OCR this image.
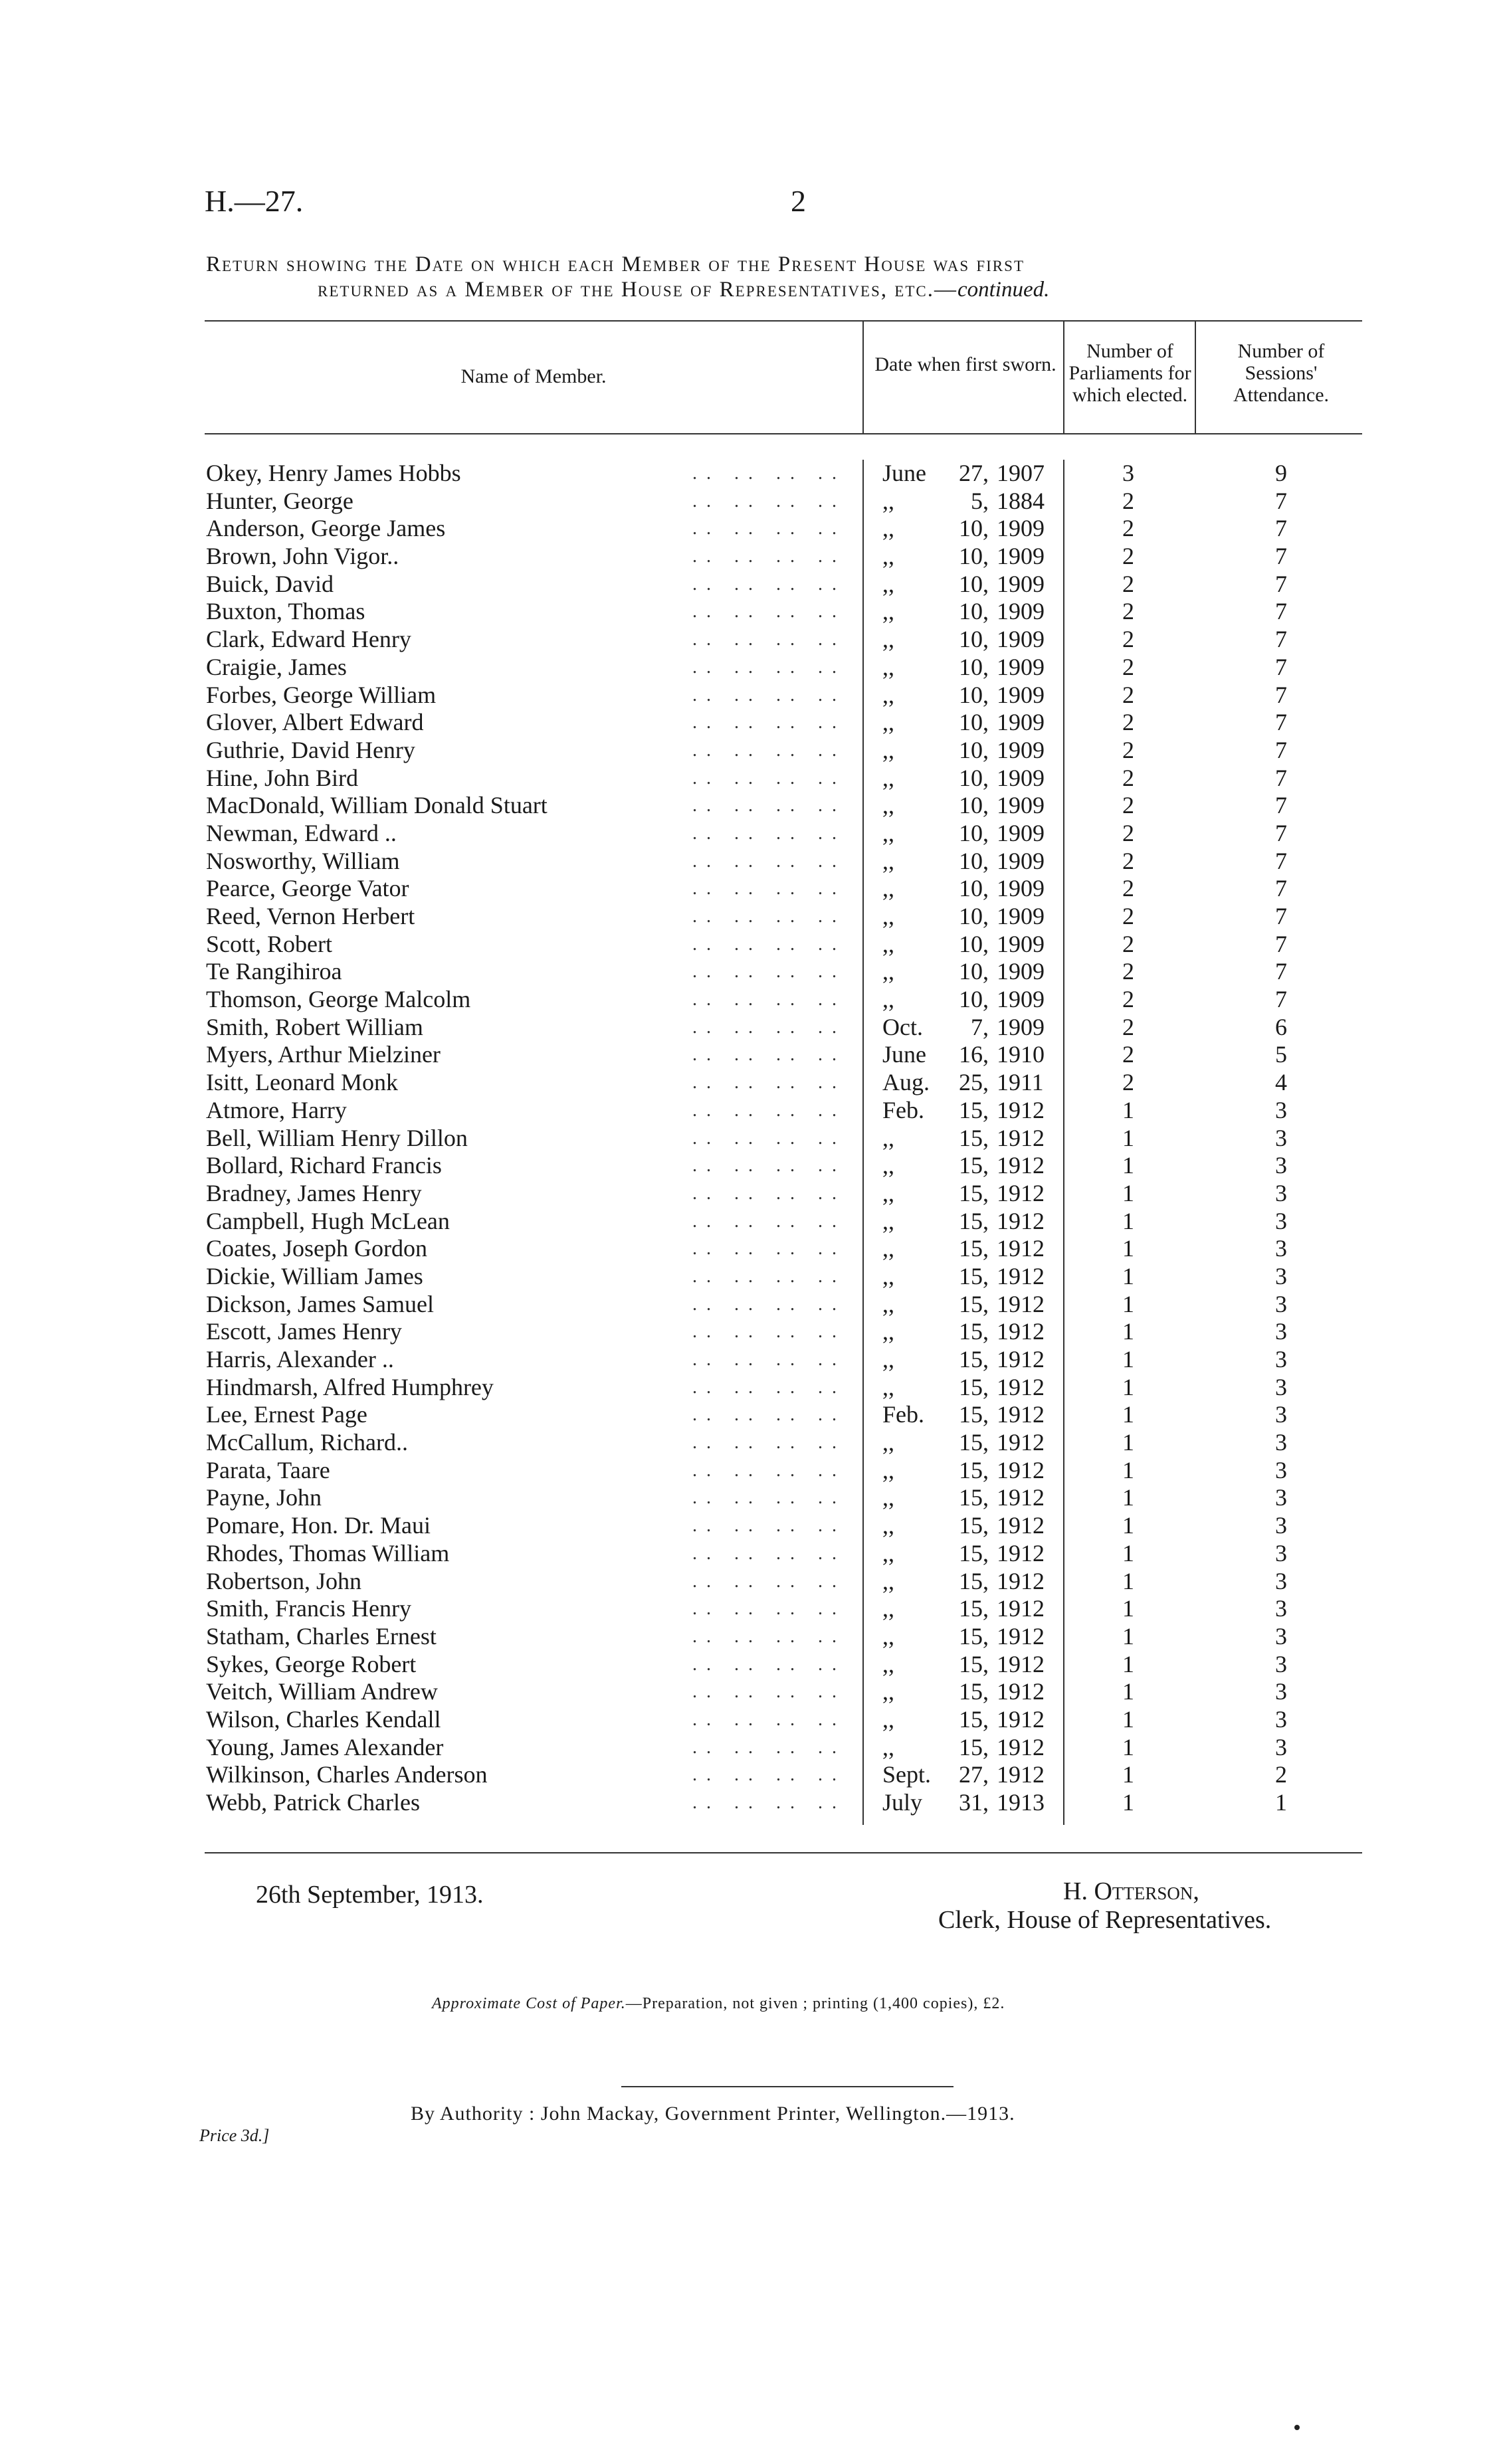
H.—27.	2
Return showing the Date on which each Member of the Present House was first
returned as a Member of the House of Representatives, etc.—continued.
Name of Member.
Date when first sworn.
Number of Parliaments for which elected.
Number of Sessions' Attendance.
.. .. .. ..
Okey, Henry James Hobbs	June	27, 1907	3	9
.. .. .. ..
Hunter, George	,,	5, 1884	2	7
.. .. .. ..
Anderson, George James	,,	10, 1909	2	7
.. .. .. ..
Brown, John Vigor..	,,	10, 1909	2	7
.. .. .. ..
Buick, David	,,	10, 1909	2	7
.. .. .. ..
Buxton, Thomas	,,	10, 1909	2	7
.. .. .. ..
Clark, Edward Henry	,,	10, 1909	2	7
.. .. .. ..
Craigie, James	,,	10, 1909	2	7
.. .. .. ..
Forbes, George William	,,	10, 1909	2	7
.. .. .. ..
Glover, Albert Edward	,,	10, 1909	2	7
.. .. .. ..
Guthrie, David Henry	,,	10, 1909	2	7
.. .. .. ..
Hine, John Bird	,,	10, 1909	2	7
.. .. .. ..
MacDonald, William Donald Stuart	,,	10, 1909	2	7
.. .. .. ..
Newman, Edward ..	,,	10, 1909	2	7
.. .. .. ..
Nosworthy, William	,,	10, 1909	2	7
.. .. .. ..
Pearce, George Vator	,,	10, 1909	2	7
.. .. .. ..
Reed, Vernon Herbert	,,	10, 1909	2	7
.. .. .. ..
Scott, Robert	,,	10, 1909	2	7
.. .. .. ..
Te Rangihiroa	,,	10, 1909	2	7
.. .. .. ..
Thomson, George Malcolm	,,	10, 1909	2	7
.. .. .. ..
Smith, Robert William	Oct.	7, 1909	2	6
.. .. .. ..
Myers, Arthur Mielziner	June	16, 1910	2	5
.. .. .. ..
Isitt, Leonard Monk	Aug.	25, 1911	2	4
.. .. .. ..
Atmore, Harry	Feb.	15, 1912	1	3
.. .. .. ..
Bell, William Henry Dillon	,,	15, 1912	1	3
.. .. .. ..
Bollard, Richard Francis	,,	15, 1912	1	3
.. .. .. ..
Bradney, James Henry	,,	15, 1912	1	3
.. .. .. ..
Campbell, Hugh McLean	,,	15, 1912	1	3
.. .. .. ..
Coates, Joseph Gordon	,,	15, 1912	1	3
.. .. .. ..
Dickie, William James	,,	15, 1912	1	3
.. .. .. ..
Dickson, James Samuel	,,	15, 1912	1	3
.. .. .. ..
Escott, James Henry	,,	15, 1912	1	3
.. .. .. ..
Harris, Alexander ..	,,	15, 1912	1	3
.. .. .. ..
Hindmarsh, Alfred Humphrey	,,	15, 1912	1	3
.. .. .. ..
Lee, Ernest Page	Feb.	15, 1912	1	3
.. .. .. ..
McCallum, Richard..	,,	15, 1912	1	3
.. .. .. ..
Parata, Taare	,,	15, 1912	1	3
.. .. .. ..
Payne, John	,,	15, 1912	1	3
.. .. .. ..
Pomare, Hon. Dr. Maui	,,	15, 1912	1	3
.. .. .. ..
Rhodes, Thomas William	,,	15, 1912	1	3
.. .. .. ..
Robertson, John	,,	15, 1912	1	3
.. .. .. ..
Smith, Francis Henry	,,	15, 1912	1	3
.. .. .. ..
Statham, Charles Ernest	,,	15, 1912	1	3
.. .. .. ..
Sykes, George Robert	,,	15, 1912	1	3
.. .. .. ..
Veitch, William Andrew	,,	15, 1912	1	3
.. .. .. ..
Wilson, Charles Kendall	,,	15, 1912	1	3
.. .. .. ..
Young, James Alexander	,,	15, 1912	1	3
.. .. .. ..
Wilkinson, Charles Anderson	Sept.	27, 1912	1	2
.. .. .. ..
Webb, Patrick Charles	July	31, 1913	1	1
26th September, 1913.	H. Otterson,
Clerk, House of Representatives.
Approximate Cost of Paper.—Preparation, not given ; printing (1,400 copies), £2.
By Authority : John Mackay, Government Printer, Wellington.—1913.
Price 3d.]
